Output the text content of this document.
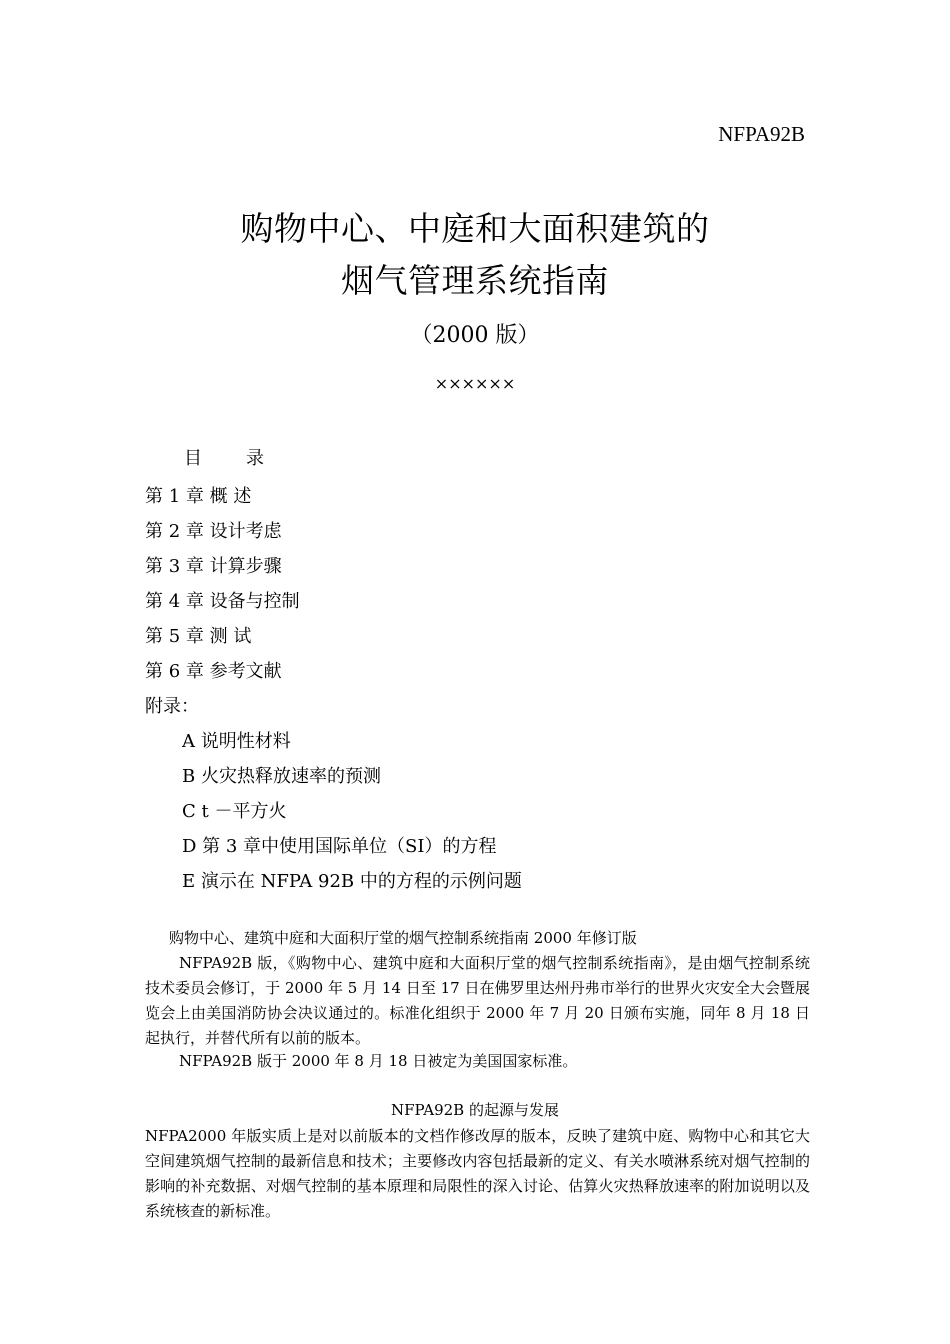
NFPA92B
购物中心、中庭和大面积建筑的
烟气管理系统指南
（2000 版）
××××××
目录
第 1 章 概 述
第 2 章 设计考虑
第 3 章 计算步骤
第 4 章 设备与控制
第 5 章 测 试
第 6 章 参考文献
附录：
A 说明性材料
B 火灾热释放速率的预测
C t －平方火
D 第 3 章中使用国际单位（SI）的方程
E 演示在 NFPA 92B 中的方程的示例问题
购物中心、建筑中庭和大面积厅堂的烟气控制系统指南 2000 年修订版
NFPA92B 版，《购物中心、建筑中庭和大面积厅堂的烟气控制系统指南》，是由烟气控制系统技术委员会修订，于 2000 年 5 月 14 日至 17 日在佛罗里达州丹弗市举行的世界火灾安全大会暨展览会上由美国消防协会决议通过的。标准化组织于 2000 年 7 月 20 日颁布实施，同年 8 月 18 日起执行，并替代所有以前的版本。
NFPA92B 版于 2000 年 8 月 18 日被定为美国国家标准。
NFPA92B 的起源与发展
NFPA2000 年版实质上是对以前版本的文档作修改厚的版本，反映了建筑中庭、购物中心和其它大空间建筑烟气控制的最新信息和技术；主要修改内容包括最新的定义、有关水喷淋系统对烟气控制的影响的补充数据、对烟气控制的基本原理和局限性的深入讨论、估算火灾热释放速率的附加说明以及系统核查的新标准。
